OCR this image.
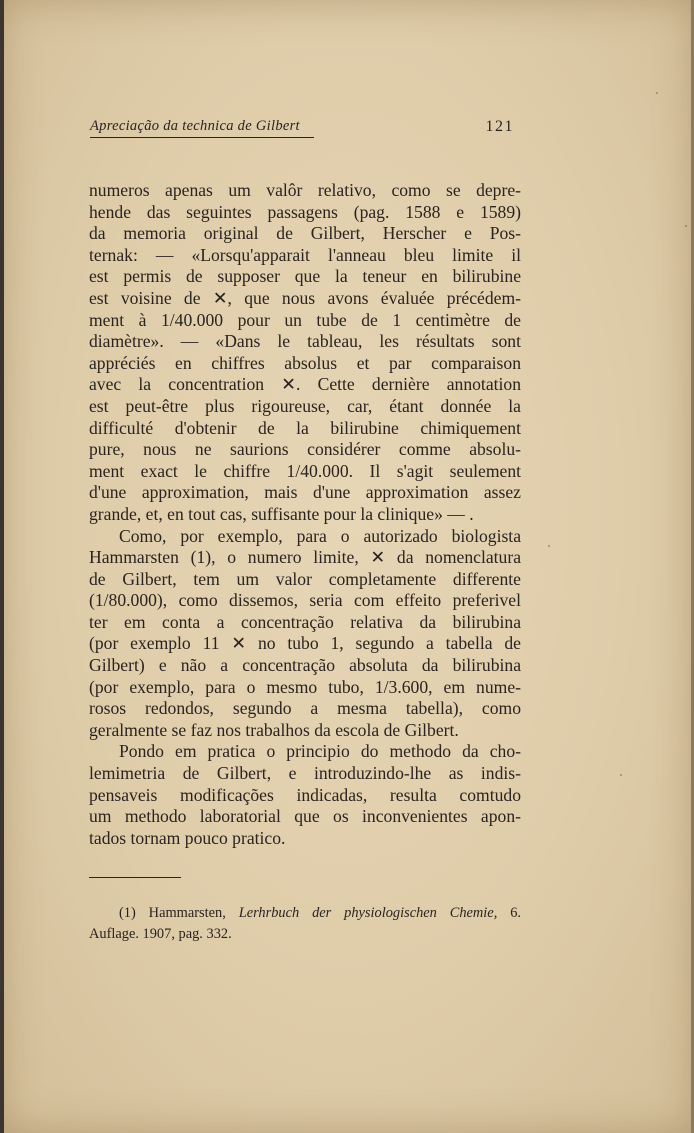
Apreciação da technica de Gilbert	121

numeros apenas um valôr relativo, como se depre-

hende das seguintes passagens (pag. 1588 e 1589)

da memoria original de Gilbert, Herscher e Pos-

ternak: — «Lorsqu'apparait l'anneau bleu limite il

est permis de supposer que la teneur en bilirubine

est voisine de ✕, que nous avons évaluée précédem-

ment à 1/40.000 pour un tube de 1 centimètre de

diamètre». — «Dans le tableau, les résultats sont

appréciés en chiffres absolus et par comparaison

avec la concentration ✕. Cette dernière annotation

est peut-être plus rigoureuse, car, étant donnée la

difficulté d'obtenir de la bilirubine chimiquement

pure, nous ne saurions considérer comme absolu-

ment exact le chiffre 1/40.000. Il s'agit seulement

d'une approximation, mais d'une approximation assez

grande, et, en tout cas, suffisante pour la clinique» — .

Como, por exemplo, para o autorizado biologista

Hammarsten (1), o numero limite, ✕ da nomenclatura

de Gilbert, tem um valor completamente differente

(1/80.000), como dissemos, seria com effeito preferivel

ter em conta a concentração relativa da bilirubina

(por exemplo 11 ✕ no tubo 1, segundo a tabella de

Gilbert) e não a concentração absoluta da bilirubina

(por exemplo, para o mesmo tubo, 1/3.600, em nume-

rosos redondos, segundo a mesma tabella), como

geralmente se faz nos trabalhos da escola de Gilbert.

Pondo em pratica o principio do methodo da cho-

lemimetria de Gilbert, e introduzindo-lhe as indis-

pensaveis modificações indicadas, resulta comtudo

um methodo laboratorial que os inconvenientes apon-

tados tornam pouco pratico.

(1) Hammarsten, Lerhrbuch der physiologischen Chemie, 6.

Auflage. 1907, pag. 332.
